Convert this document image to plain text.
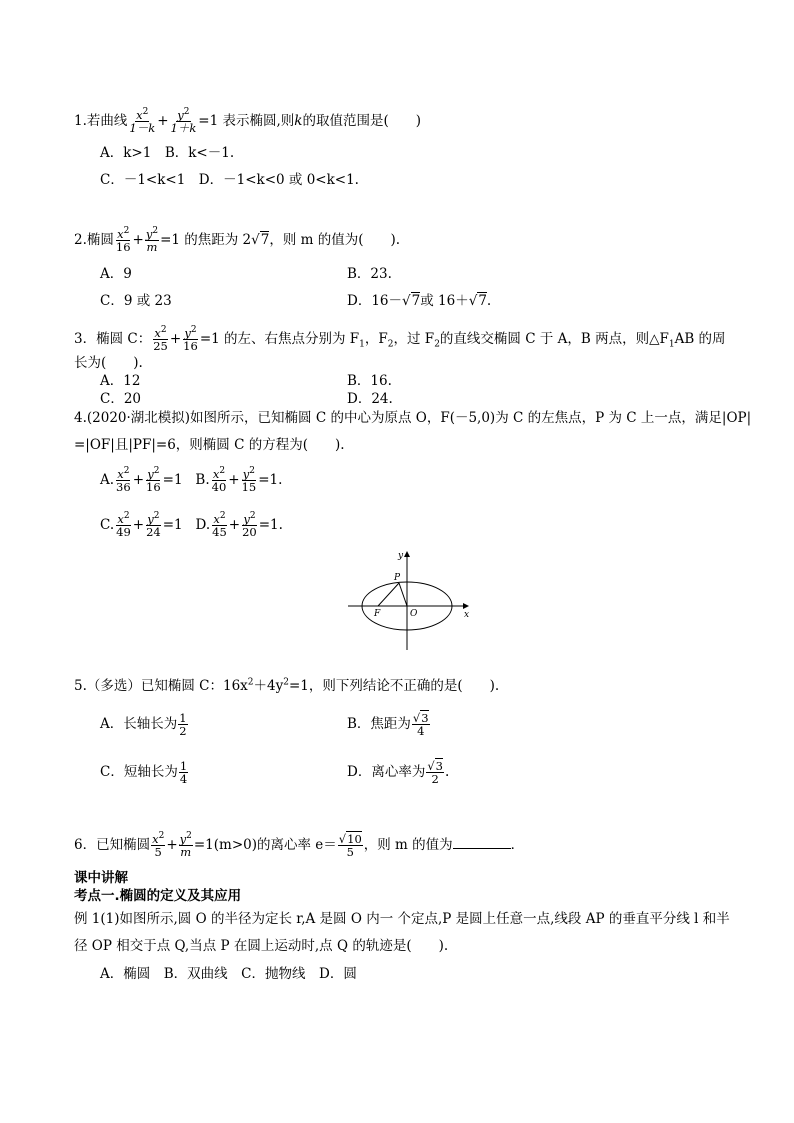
1.若曲线 $\frac{x^2}{1-k} + \frac{y^2}{1+k} =1$ 表示椭圆,则k的取值范围是(　　)
A．k>1　B．k<－1.
C．－1<k<1　D．－1<k<0 或 0<k<1.
2.椭圆 $\frac{x^2}{16} + \frac{y^2}{m} =1$ 的焦距为 2√7，则 m 的值为(　　).
A．9	B．23.
C．9 或 23	D．16－√7或 16＋√7.
3．椭圆 C： $\frac{x^2}{25} + \frac{y^2}{16} =1$ 的左、右焦点分别为 $F_1$，$F_2$，过 $F_2$的直线交椭圆 C 于 A，B 两点，则$\triangle F_1AB$ 的周
长为(　　).
A．12	B．16.
C．20	D．24.
4.(2020·湖北模拟)如图所示，已知椭圆 C 的中心为原点 O，F(－5,0)为 C 的左焦点，P 为 C 上一点，满足|OP|
=|OF|且|PF|=6，则椭圆 C 的方程为(　　).
A. $\frac{x^2}{36} + \frac{y^2}{16} =1$ B. $\frac{x^2}{40} + \frac{y^2}{15} =1$.
C. $\frac{x^2}{49} + \frac{y^2}{24} =1$ D. $\frac{x^2}{45} + \frac{y^2}{20} =1$.
y
x
P
F	O
5.（多选）已知椭圆 C：$16x^2+4y^2=1$，则下列结论不正确的是(　　).
A．长轴长为 $\frac{1}{2}$	B．焦距为 $\frac{√3}{4}$
C．短轴长为 $\frac{1}{4}$	D．离心率为 $\frac{√3}{2}$ .
6．已知椭圆 $\frac{x^2}{5} + \frac{y^2}{m} =1(m>0)$的离心率 $e= \frac{√10}{5}$ ，则 m 的值为	．
课中讲解
考点一.椭圆的定义及其应用
例 1(1)如图所示,圆 O 的半径为定长 r,A 是圆 O 内一 个定点,P 是圆上任意一点,线段 AP 的垂直平分线 l 和半
径 OP 相交于点 Q,当点 P 在圆上运动时,点 Q 的轨迹是(　　).
A．椭圆　B．双曲线　C．抛物线　D．圆
